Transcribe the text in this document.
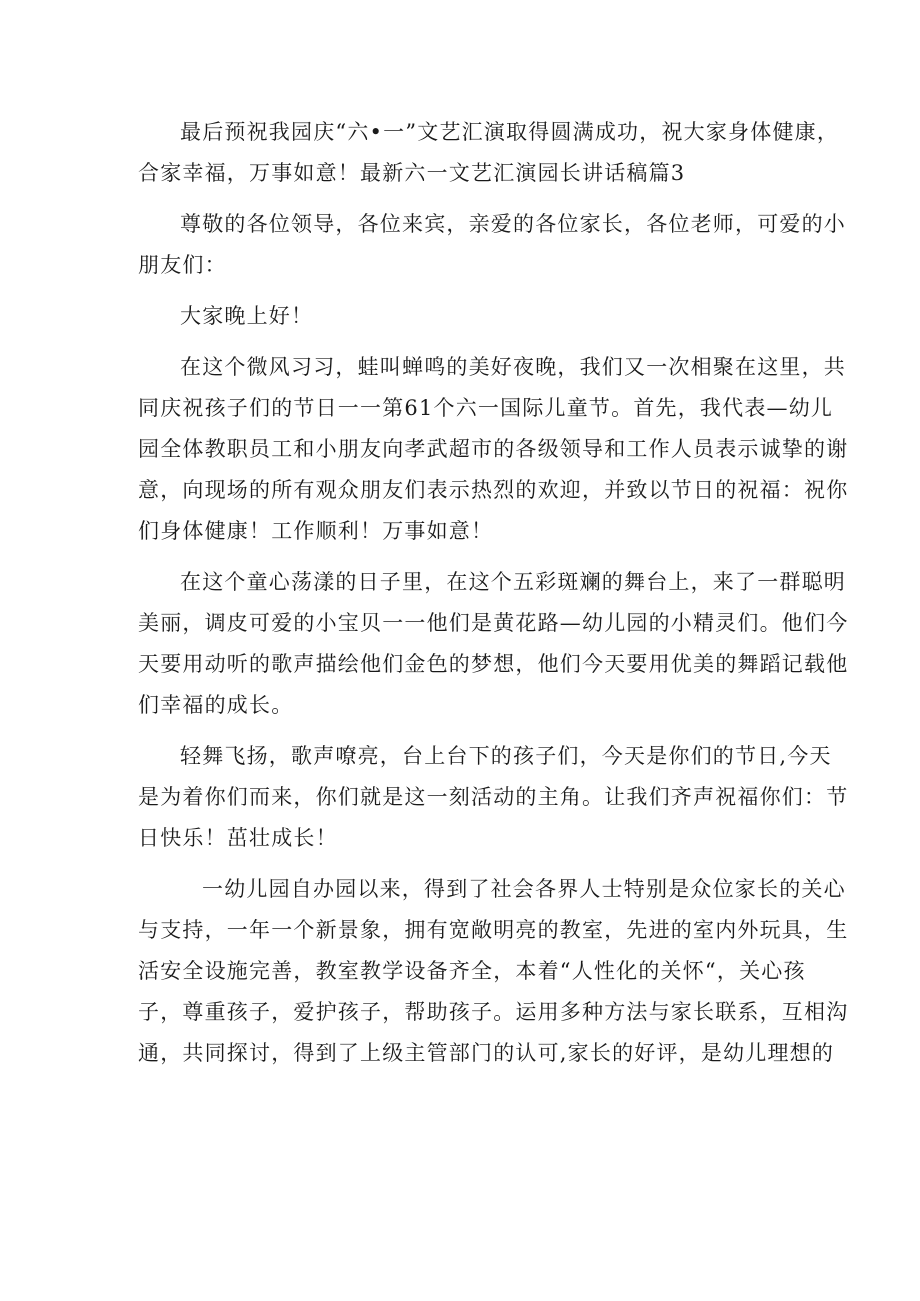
最后预祝我园庆“六•一”文艺汇演取得圆满成功，祝大家身体健康，
合家幸福，万事如意！最新六一文艺汇演园长讲话稿篇3

尊敬的各位领导，各位来宾，亲爱的各位家长，各位老师，可爱的小
朋友们：

大家晚上好！

在这个微风习习，蛙叫蝉鸣的美好夜晚，我们又一次相聚在这里，共
同庆祝孩子们的节日一一第61个六一国际儿童节。首先，我代表—幼儿
园全体教职员工和小朋友向孝武超市的各级领导和工作人员表示诚挚的谢
意，向现场的所有观众朋友们表示热烈的欢迎，并致以节日的祝福：祝你
们身体健康！工作顺利！万事如意！

在这个童心荡漾的日子里，在这个五彩斑斓的舞台上，来了一群聪明
美丽，调皮可爱的小宝贝一一他们是黄花路—幼儿园的小精灵们。他们今
天要用动听的歌声描绘他们金色的梦想，他们今天要用优美的舞蹈记载他
们幸福的成长。

轻舞飞扬，歌声嘹亮，台上台下的孩子们，今天是你们的节日,今天
是为着你们而来，你们就是这一刻活动的主角。让我们齐声祝福你们：节
日快乐！茁壮成长！

一幼儿园自办园以来，得到了社会各界人士特别是众位家长的关心
与支持，一年一个新景象，拥有宽敞明亮的教室，先进的室内外玩具，生
活安全设施完善，教室教学设备齐全，本着“人性化的关怀“，关心孩
子，尊重孩子，爱护孩子，帮助孩子。运用多种方法与家长联系，互相沟
通，共同探讨，得到了上级主管部门的认可,家长的好评，是幼儿理想的
